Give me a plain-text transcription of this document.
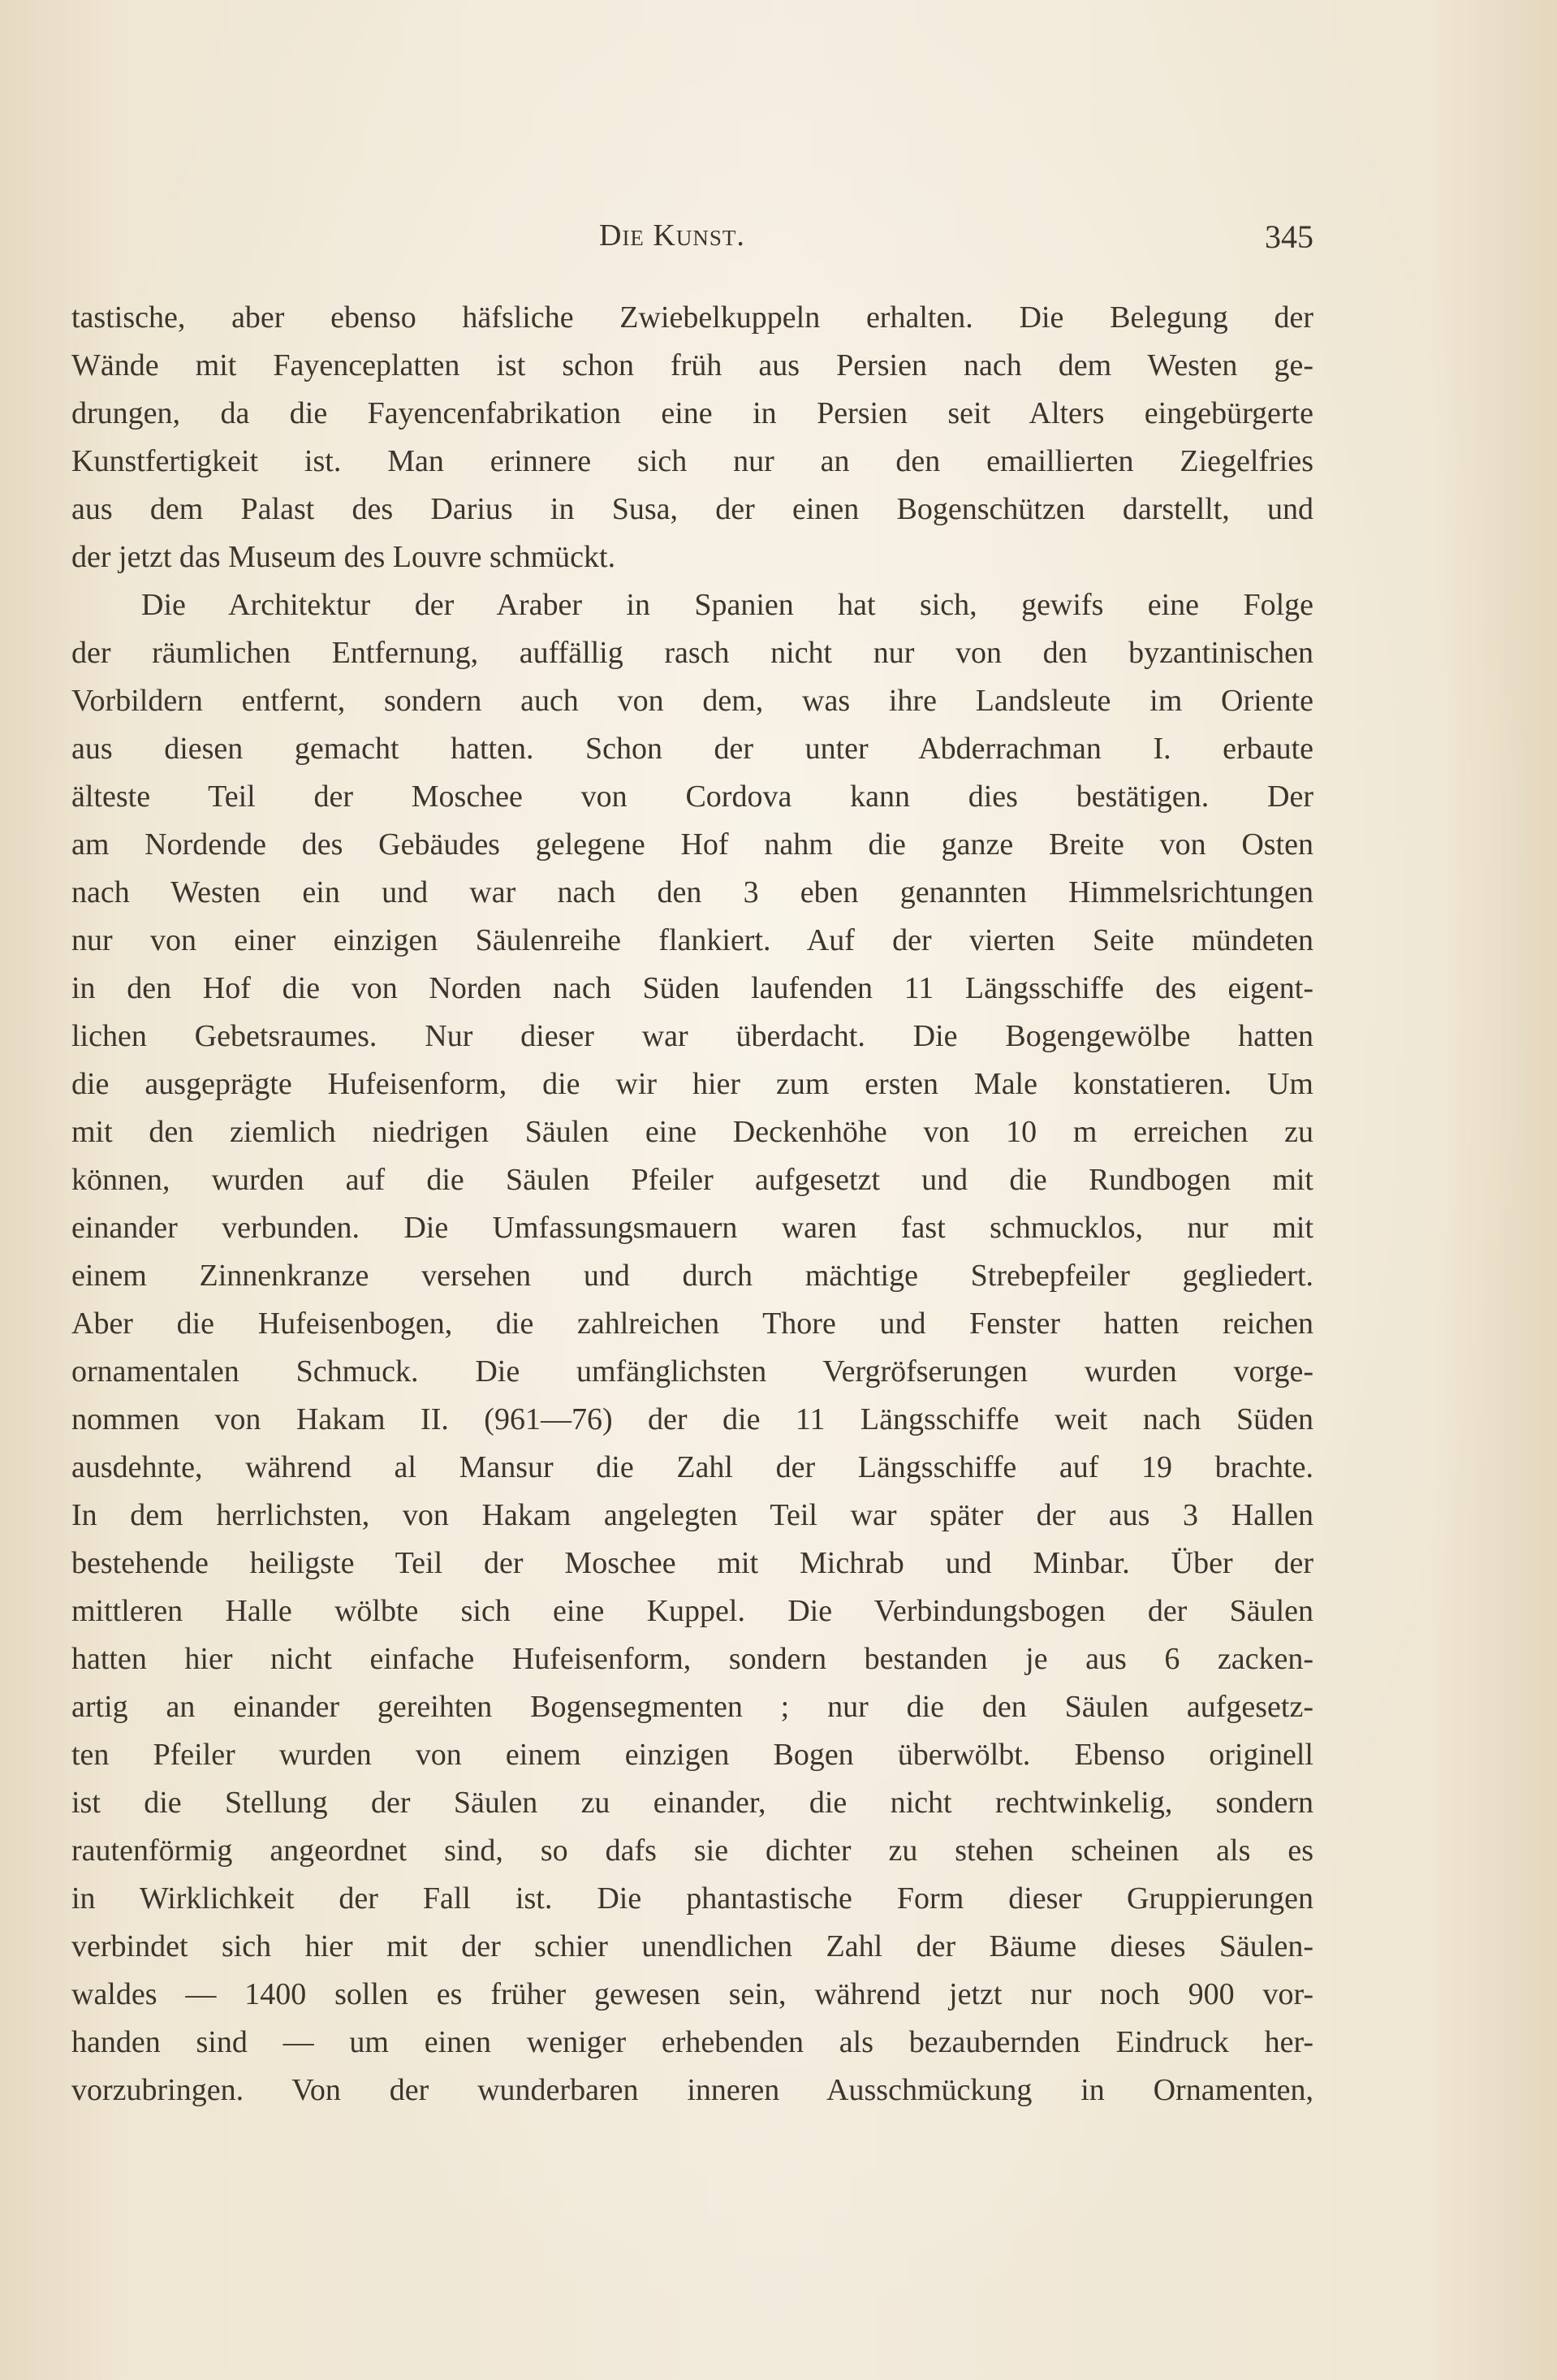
Die Kunst.	345
tastische, aber ebenso häfsliche Zwiebelkuppeln erhalten. Die Belegung der
Wände mit Fayenceplatten ist schon früh aus Persien nach dem Westen ge-
drungen, da die Fayencenfabrikation eine in Persien seit Alters eingebürgerte
Kunstfertigkeit ist. Man erinnere sich nur an den emaillierten Ziegelfries
aus dem Palast des Darius in Susa, der einen Bogenschützen darstellt, und
der jetzt das Museum des Louvre schmückt.
Die Architektur der Araber in Spanien hat sich, gewifs eine Folge
der räumlichen Entfernung, auffällig rasch nicht nur von den byzantinischen
Vorbildern entfernt, sondern auch von dem, was ihre Landsleute im Oriente
aus diesen gemacht hatten. Schon der unter Abderrachman I. erbaute
älteste Teil der Moschee von Cordova kann dies bestätigen. Der
am Nordende des Gebäudes gelegene Hof nahm die ganze Breite von Osten
nach Westen ein und war nach den 3 eben genannten Himmelsrichtungen
nur von einer einzigen Säulenreihe flankiert. Auf der vierten Seite mündeten
in den Hof die von Norden nach Süden laufenden 11 Längsschiffe des eigent-
lichen Gebetsraumes. Nur dieser war überdacht. Die Bogengewölbe hatten
die ausgeprägte Hufeisenform, die wir hier zum ersten Male konstatieren. Um
mit den ziemlich niedrigen Säulen eine Deckenhöhe von 10 m erreichen zu
können, wurden auf die Säulen Pfeiler aufgesetzt und die Rundbogen mit
einander verbunden. Die Umfassungsmauern waren fast schmucklos, nur mit
einem Zinnenkranze versehen und durch mächtige Strebepfeiler gegliedert.
Aber die Hufeisenbogen, die zahlreichen Thore und Fenster hatten reichen
ornamentalen Schmuck. Die umfänglichsten Vergröfserungen wurden vorge-
nommen von Hakam II. (961—76) der die 11 Längsschiffe weit nach Süden
ausdehnte, während al Mansur die Zahl der Längsschiffe auf 19 brachte.
In dem herrlichsten, von Hakam angelegten Teil war später der aus 3 Hallen
bestehende heiligste Teil der Moschee mit Michrab und Minbar. Über der
mittleren Halle wölbte sich eine Kuppel. Die Verbindungsbogen der Säulen
hatten hier nicht einfache Hufeisenform, sondern bestanden je aus 6 zacken-
artig an einander gereihten Bogensegmenten ; nur die den Säulen aufgesetz-
ten Pfeiler wurden von einem einzigen Bogen überwölbt. Ebenso originell
ist die Stellung der Säulen zu einander, die nicht rechtwinkelig, sondern
rautenförmig angeordnet sind, so dafs sie dichter zu stehen scheinen als es
in Wirklichkeit der Fall ist. Die phantastische Form dieser Gruppierungen
verbindet sich hier mit der schier unendlichen Zahl der Bäume dieses Säulen-
waldes — 1400 sollen es früher gewesen sein, während jetzt nur noch 900 vor-
handen sind — um einen weniger erhebenden als bezaubernden Eindruck her-
vorzubringen. Von der wunderbaren inneren Ausschmückung in Ornamenten,
